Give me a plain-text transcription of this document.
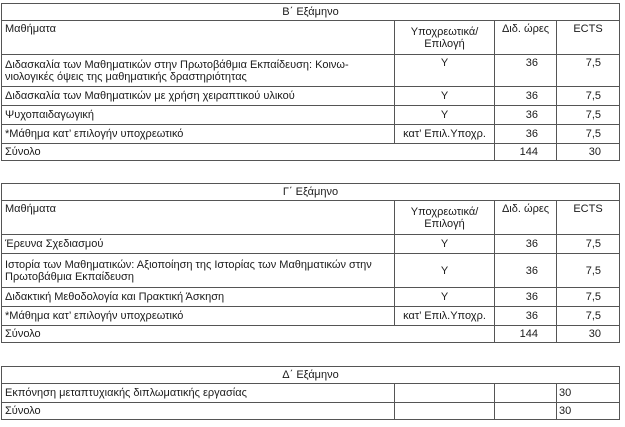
Β΄ Εξάμηνο			
Μαθήματα	Υποχρεωτικά/ Επιλογή	Διδ. ώρες	ECTS
Διδασκαλία των Μαθηματικών στην Πρωτοβάθμια Εκπαίδευση: Κοινω-νιολογικές όψεις της μαθηματικής δραστηριότητας	Υ	36	7,5
Διδασκαλία των Μαθηματικών με χρήση χειραπτικού υλικού	Υ	36	7,5
Ψυχοπαιδαγωγική	Υ	36	7,5
*Μάθημα κατ’ επιλογήν υποχρεωτικό	κατ’ Επιλ.Υποχρ.	36	7,5
Σύνολο		144	30
Γ΄ Εξάμηνο			
Μαθήματα	Υποχρεωτικά/ Επιλογή	Διδ. ώρες	ECTS
Έρευνα Σχεδιασμού	Υ	36	7,5
Ιστορία των Μαθηματικών: Αξιοποίηση της Ιστορίας των Μαθηματικών στην Πρωτοβάθμια Εκπαίδευση	Υ	36	7,5
Διδακτική Μεθοδολογία και Πρακτική Άσκηση	Υ	36	7,5
*Μάθημα κατ’ επιλογήν υποχρεωτικό	κατ’ Επιλ.Υποχρ.	36	7,5
Σύνολο		144	30
Δ΄ Εξάμηνο			
Εκπόνηση μεταπτυχιακής διπλωματικής εργασίας			30
Σύνολο			30
